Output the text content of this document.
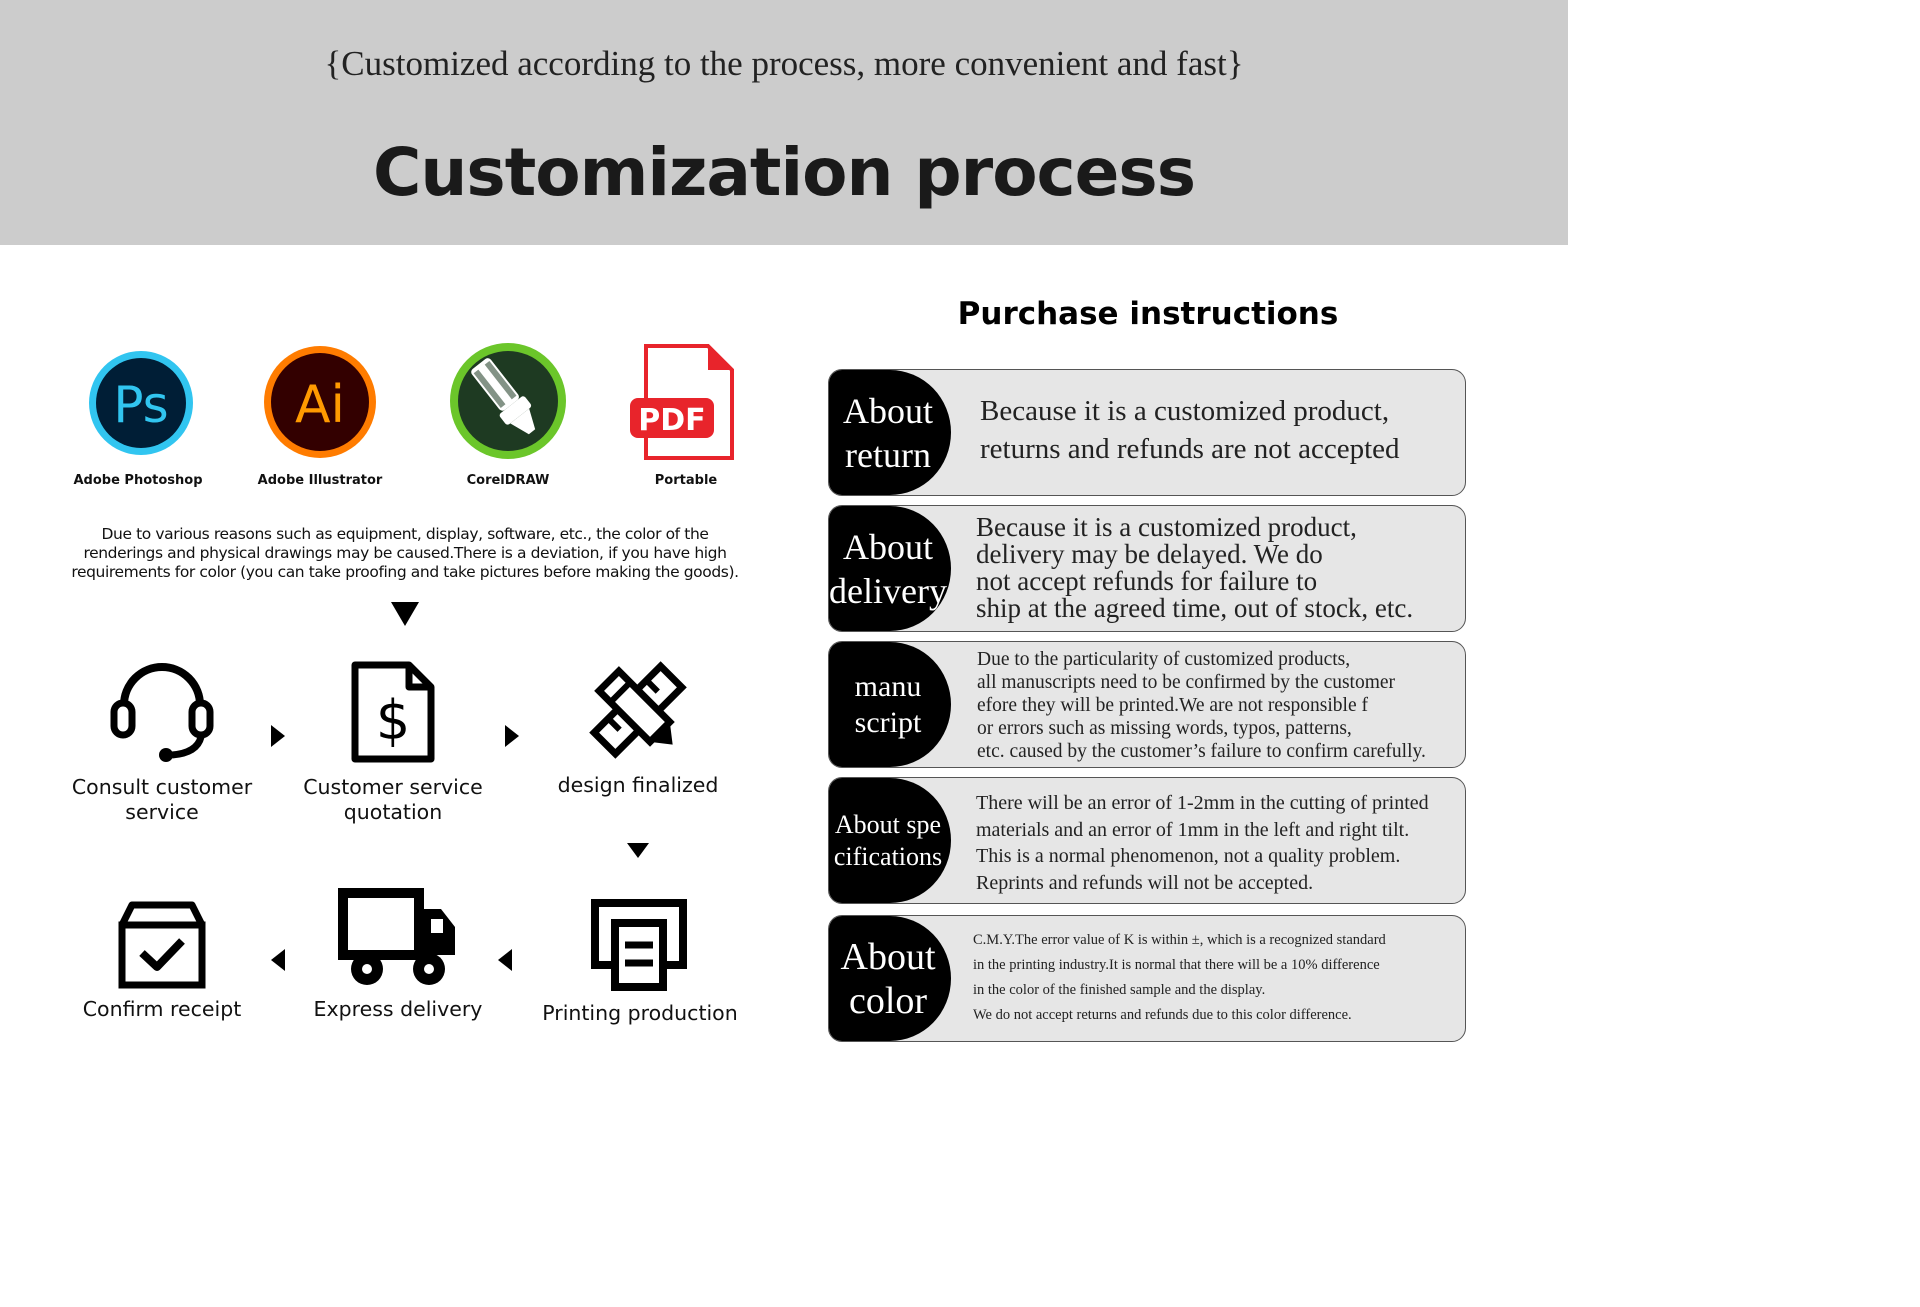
{Customized according to the process, more convenient and fast}
Customization process
Ps
Adobe Photoshop
Ai
Adobe Illustrator	CorelDRAW
PDF
Portable
Due to various reasons such as equipment, display, software, etc., the color of the renderings and physical drawings may be caused.There is a deviation, if you have high requirements for color (you can take proofing and take pictures before making the goods).
Consult customer service
$
Customer service quotation
design finalized
Printing production
Express delivery
Confirm receipt
Purchase instructions
About
return
Because it is a customized product,
returns and refunds are not accepted
About
delivery
Because it is a customized product,
delivery may be delayed. We do
not accept refunds for failure to
ship at the agreed time, out of stock, etc.
manu
script
Due to the particularity of customized products,
all manuscripts need to be confirmed by the customer
efore they will be printed.We are not responsible f
or errors such as missing words, typos, patterns,
etc. caused by the customer’s failure to confirm carefully.
About spe
cifications
There will be an error of 1-2mm in the cutting of printed
materials and an error of 1mm in the left and right tilt.
This is a normal phenomenon, not a quality problem.
Reprints and refunds will not be accepted.
About
color
C.M.Y.The error value of K is within ±, which is a recognized standard
in the printing industry.It is normal that there will be a 10% difference
in the color of the finished sample and the display.
We do not accept returns and refunds due to this color difference.
